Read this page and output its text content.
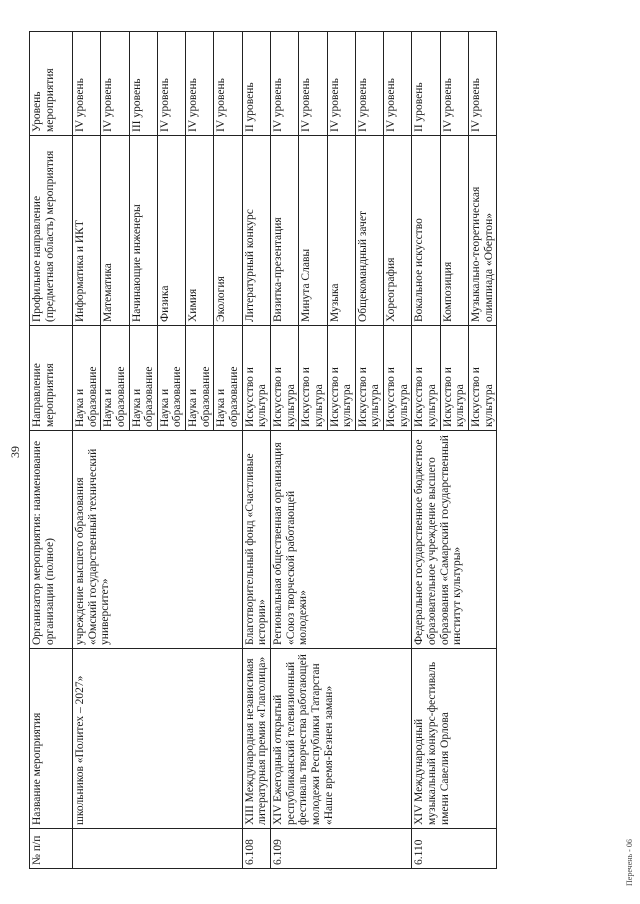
39
№ п/п	Название мероприятия	Организатор мероприятия: наименование организации (полное)	Направление мероприятия	Профильное направление (предметная область) мероприятия	Уровень мероприятия
	школьников «Политех – 2027»	учреждение высшего образования «Омский государственный технический университет»	Наука и образование	Информатика и ИКТ	IV уровень
			Наука и образование	Математика	IV уровень
			Наука и образование	Начинающие инженеры	III уровень
			Наука и образование	Физика	IV уровень
			Наука и образование	Химия	IV уровень
			Наука и образование	Экология	IV уровень
6.108	XIII Международная независимая литературная премия «Глаголица»	Благотворительный фонд «Счастливые истории»	Искусство и культура	Литературный конкурс	II уровень
6.109	XIV Ежегодный открытый республиканский телевизионный фестиваль творчества работающей молодежи Республики Татарстан «Наше время-Безнен заман»	Региональная общественная организация «Союз творческой работающей молодежи»	Искусство и культура	Визитка-презентация	IV уровень
			Искусство и культура	Минута Славы	IV уровень
			Искусство и культура	Музыка	IV уровень
			Искусство и культура	Общекомандный зачет	IV уровень
			Искусство и культура	Хореография	IV уровень
6.110	XIV Международный музыкальный конкурс-фестиваль имени Савелия Орлова	Федеральное государственное бюджетное образовательное учреждение высшего образования «Самарский государственный институт культуры»	Искусство и культура	Вокальное искусство	II уровень
			Искусство и культура	Композиция	IV уровень
			Искусство и культура	Музыкально-теоретическая олимпиада «Обертон»	IV уровень
Перечень - 06
